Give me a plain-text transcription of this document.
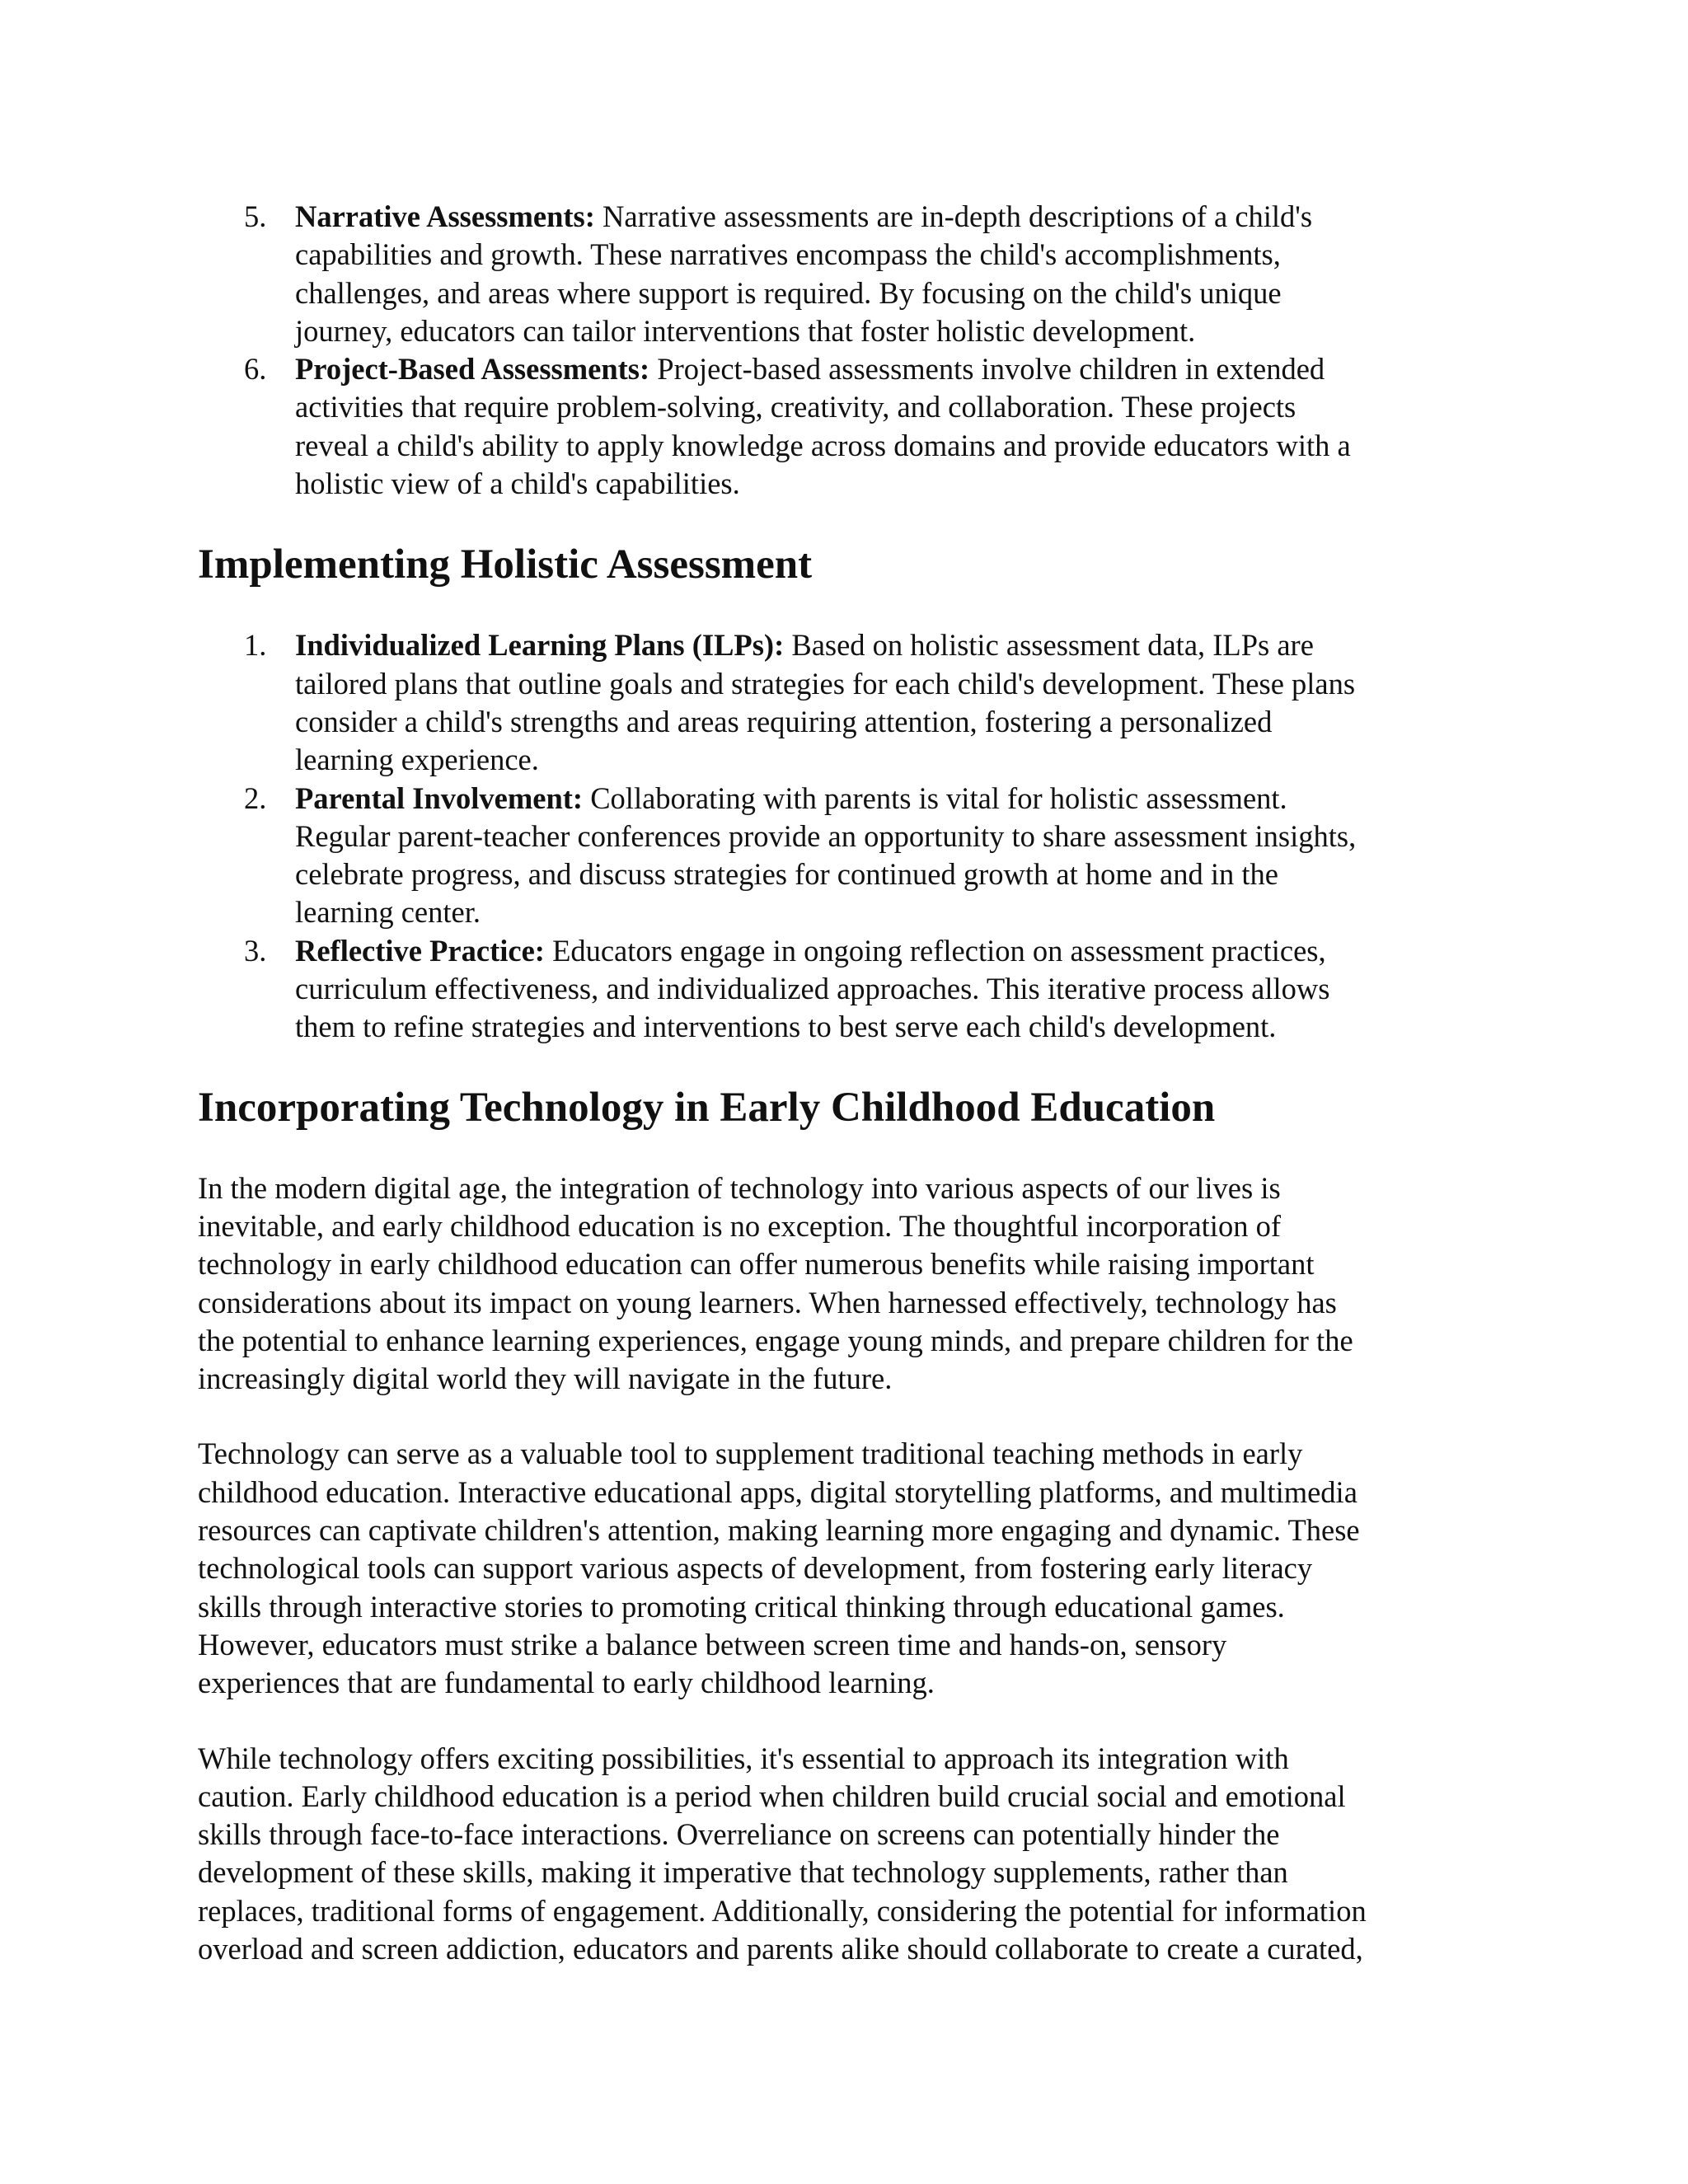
5. Narrative Assessments: Narrative assessments are in-depth descriptions of a child's
capabilities and growth. These narratives encompass the child's accomplishments,
challenges, and areas where support is required. By focusing on the child's unique
journey, educators can tailor interventions that foster holistic development.
6. Project-Based Assessments: Project-based assessments involve children in extended
activities that require problem-solving, creativity, and collaboration. These projects
reveal a child's ability to apply knowledge across domains and provide educators with a
holistic view of a child's capabilities.
Implementing Holistic Assessment
1. Individualized Learning Plans (ILPs): Based on holistic assessment data, ILPs are
tailored plans that outline goals and strategies for each child's development. These plans
consider a child's strengths and areas requiring attention, fostering a personalized
learning experience.
2. Parental Involvement: Collaborating with parents is vital for holistic assessment.
Regular parent-teacher conferences provide an opportunity to share assessment insights,
celebrate progress, and discuss strategies for continued growth at home and in the
learning center.
3. Reflective Practice: Educators engage in ongoing reflection on assessment practices,
curriculum effectiveness, and individualized approaches. This iterative process allows
them to refine strategies and interventions to best serve each child's development.
Incorporating Technology in Early Childhood Education

In the modern digital age, the integration of technology into various aspects of our lives is
inevitable, and early childhood education is no exception. The thoughtful incorporation of
technology in early childhood education can offer numerous benefits while raising important
considerations about its impact on young learners. When harnessed effectively, technology has
the potential to enhance learning experiences, engage young minds, and prepare children for the
increasingly digital world they will navigate in the future.

Technology can serve as a valuable tool to supplement traditional teaching methods in early
childhood education. Interactive educational apps, digital storytelling platforms, and multimedia
resources can captivate children's attention, making learning more engaging and dynamic. These
technological tools can support various aspects of development, from fostering early literacy
skills through interactive stories to promoting critical thinking through educational games.
However, educators must strike a balance between screen time and hands-on, sensory
experiences that are fundamental to early childhood learning.

While technology offers exciting possibilities, it's essential to approach its integration with
caution. Early childhood education is a period when children build crucial social and emotional
skills through face-to-face interactions. Overreliance on screens can potentially hinder the
development of these skills, making it imperative that technology supplements, rather than
replaces, traditional forms of engagement. Additionally, considering the potential for information
overload and screen addiction, educators and parents alike should collaborate to create a curated,
